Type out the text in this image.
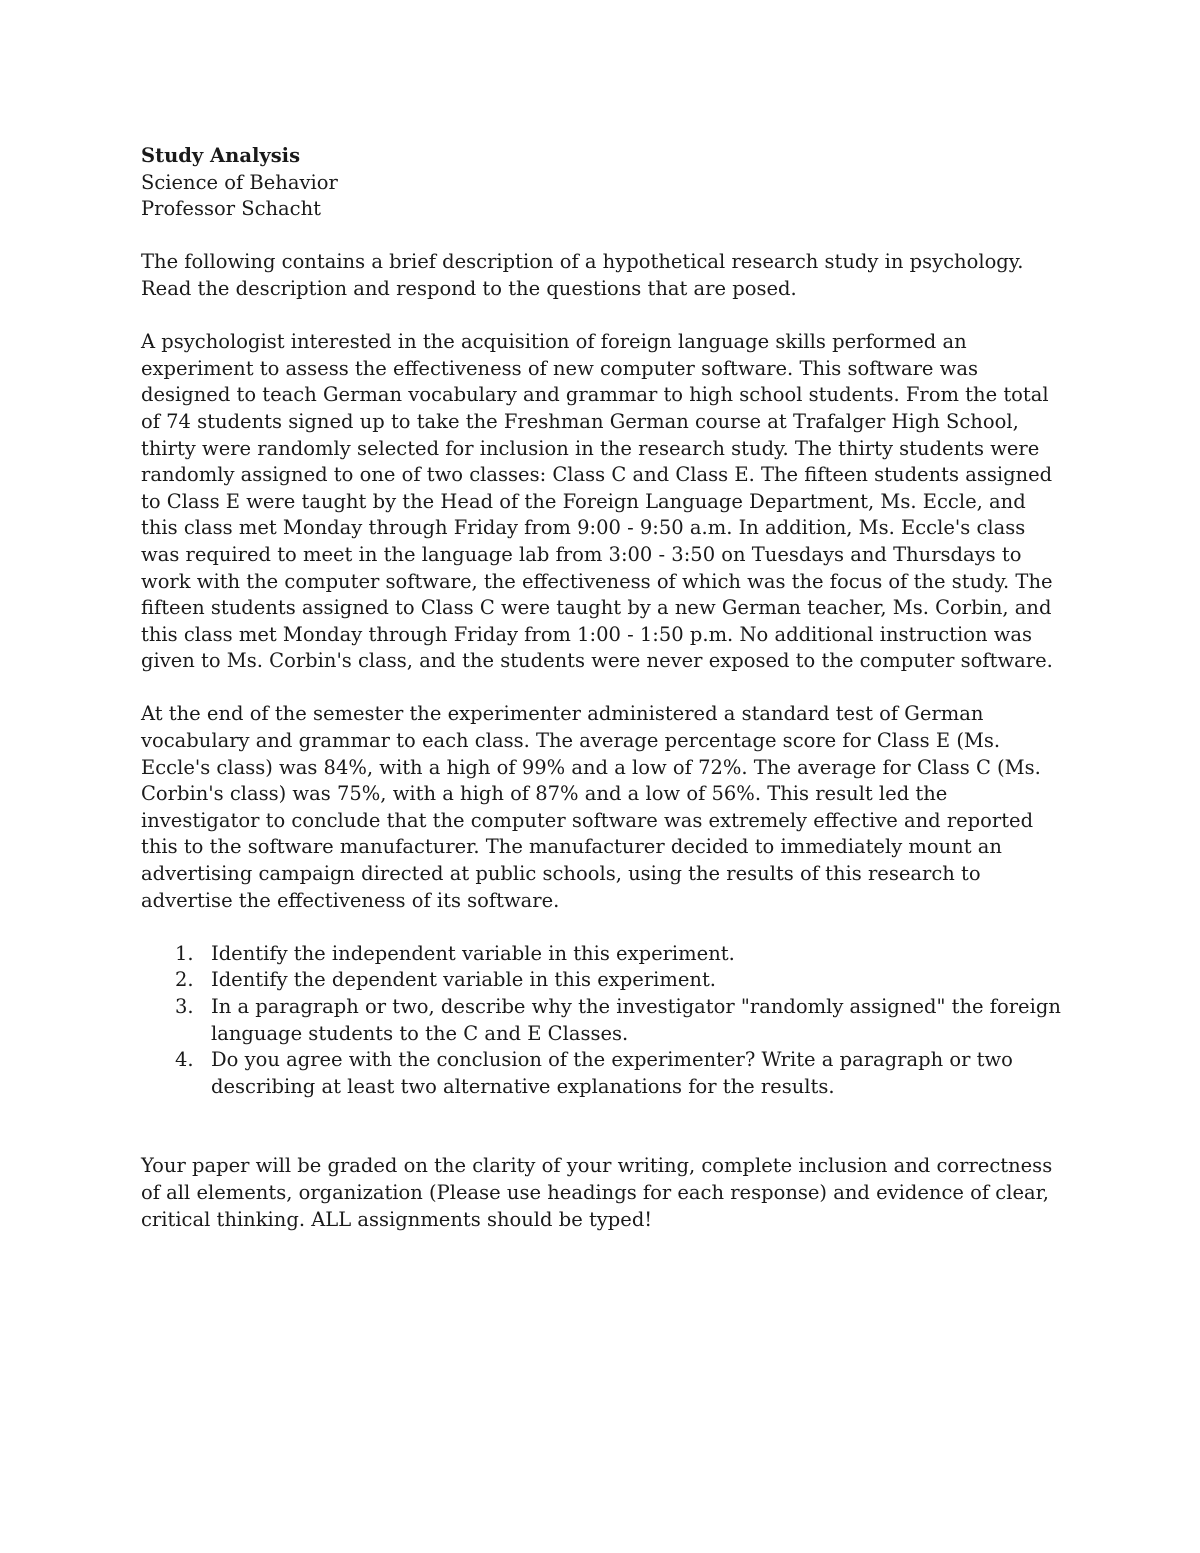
Study Analysis

Science of Behavior

Professor Schacht

The following contains a brief description of a hypothetical research study in psychology. Read the description and respond to the questions that are posed.

A psychologist interested in the acquisition of foreign language skills performed an experiment to assess the effectiveness of new computer software. This software was designed to teach German vocabulary and grammar to high school students. From the total of 74 students signed up to take the Freshman German course at Trafalger High School, thirty were randomly selected for inclusion in the research study. The thirty students were randomly assigned to one of two classes: Class C and Class E. The fifteen students assigned to Class E were taught by the Head of the Foreign Language Department, Ms. Eccle, and this class met Monday through Friday from 9:00 - 9:50 a.m. In addition, Ms. Eccle's class was required to meet in the language lab from 3:00 - 3:50 on Tuesdays and Thursdays to work with the computer software, the effectiveness of which was the focus of the study. The fifteen students assigned to Class C were taught by a new German teacher, Ms. Corbin, and this class met Monday through Friday from 1:00 - 1:50 p.m. No additional instruction was given to Ms. Corbin's class, and the students were never exposed to the computer software.

At the end of the semester the experimenter administered a standard test of German vocabulary and grammar to each class. The average percentage score for Class E (Ms. Eccle's class) was 84%, with a high of 99% and a low of 72%. The average for Class C (Ms. Corbin's class) was 75%, with a high of 87% and a low of 56%. This result led the investigator to conclude that the computer software was extremely effective and reported this to the software manufacturer. The manufacturer decided to immediately mount an advertising campaign directed at public schools, using the results of this research to advertise the effectiveness of its software.

1. Identify the independent variable in this experiment.
2. Identify the dependent variable in this experiment.
3. In a paragraph or two, describe why the investigator "randomly assigned" the foreign language students to the C and E Classes.
4. Do you agree with the conclusion of the experimenter? Write a paragraph or two describing at least two alternative explanations for the results.

Your paper will be graded on the clarity of your writing, complete inclusion and correctness of all elements, organization (Please use headings for each response) and evidence of clear, critical thinking. ALL assignments should be typed!
